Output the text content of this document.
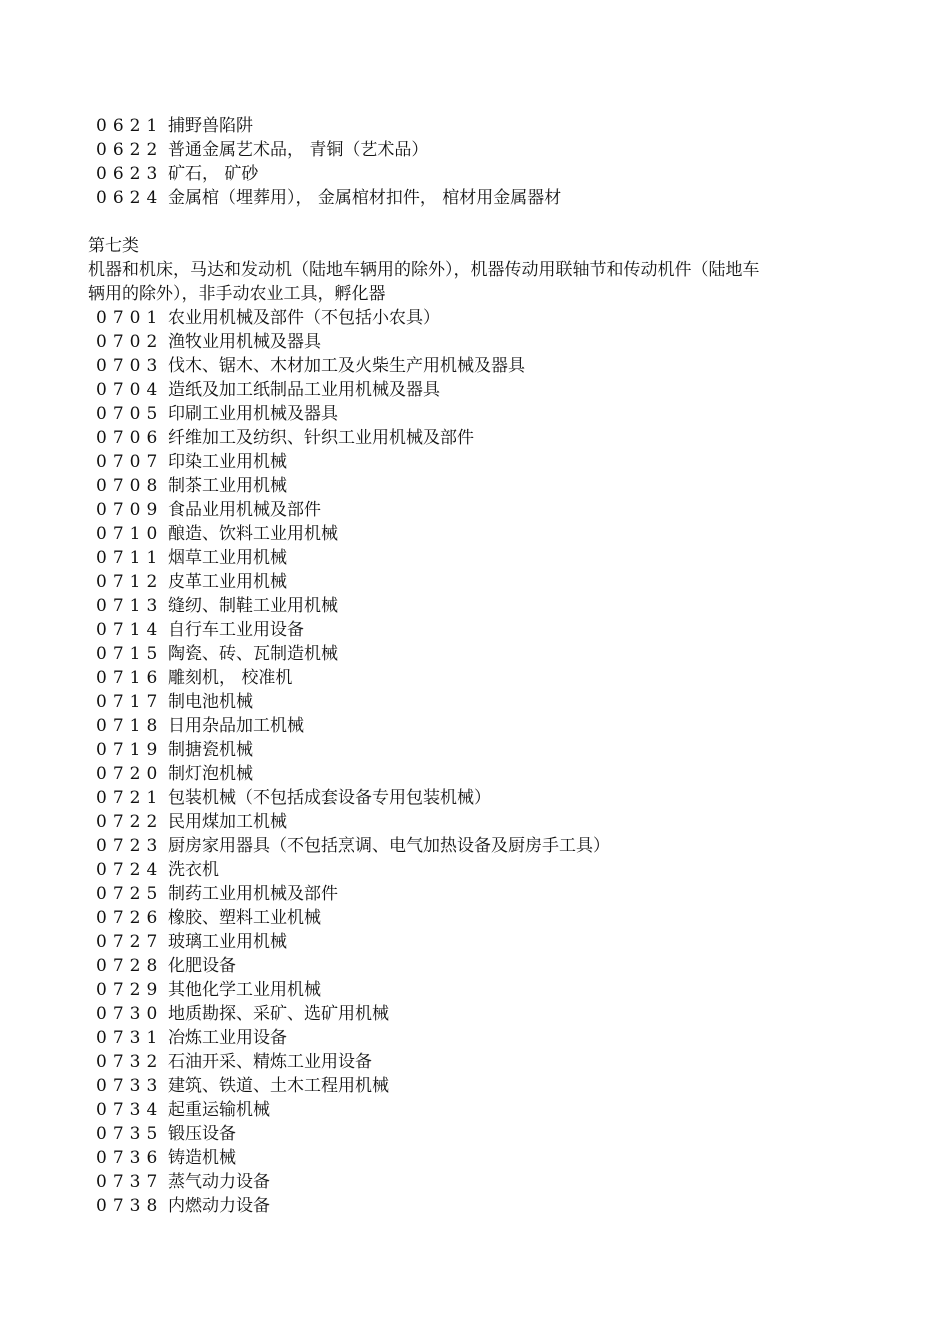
0621 捕野兽陷阱
0622 普通金属艺术品， 青铜（艺术品）
0623 矿石， 矿砂
0624 金属棺（埋葬用）， 金属棺材扣件， 棺材用金属器材
第七类
机器和机床，马达和发动机（陆地车辆用的除外），机器传动用联轴节和传动机件（陆地车
辆用的除外），非手动农业工具，孵化器
0701 农业用机械及部件（不包括小农具）
0702 渔牧业用机械及器具
0703 伐木、锯木、木材加工及火柴生产用机械及器具
0704 造纸及加工纸制品工业用机械及器具
0705 印刷工业用机械及器具
0706 纤维加工及纺织、针织工业用机械及部件
0707 印染工业用机械
0708 制茶工业用机械
0709 食品业用机械及部件
0710 酿造、饮料工业用机械
0711 烟草工业用机械
0712 皮革工业用机械
0713 缝纫、制鞋工业用机械
0714 自行车工业用设备
0715 陶瓷、砖、瓦制造机械
0716 雕刻机， 校准机
0717 制电池机械
0718 日用杂品加工机械
0719 制搪瓷机械
0720 制灯泡机械
0721 包装机械（不包括成套设备专用包装机械）
0722 民用煤加工机械
0723 厨房家用器具（不包括烹调、电气加热设备及厨房手工具）
0724 洗衣机
0725 制药工业用机械及部件
0726 橡胶、塑料工业机械
0727 玻璃工业用机械
0728 化肥设备
0729 其他化学工业用机械
0730 地质勘探、采矿、选矿用机械
0731 冶炼工业用设备
0732 石油开采、精炼工业用设备
0733 建筑、铁道、土木工程用机械
0734 起重运输机械
0735 锻压设备
0736 铸造机械
0737 蒸气动力设备
0738 内燃动力设备
